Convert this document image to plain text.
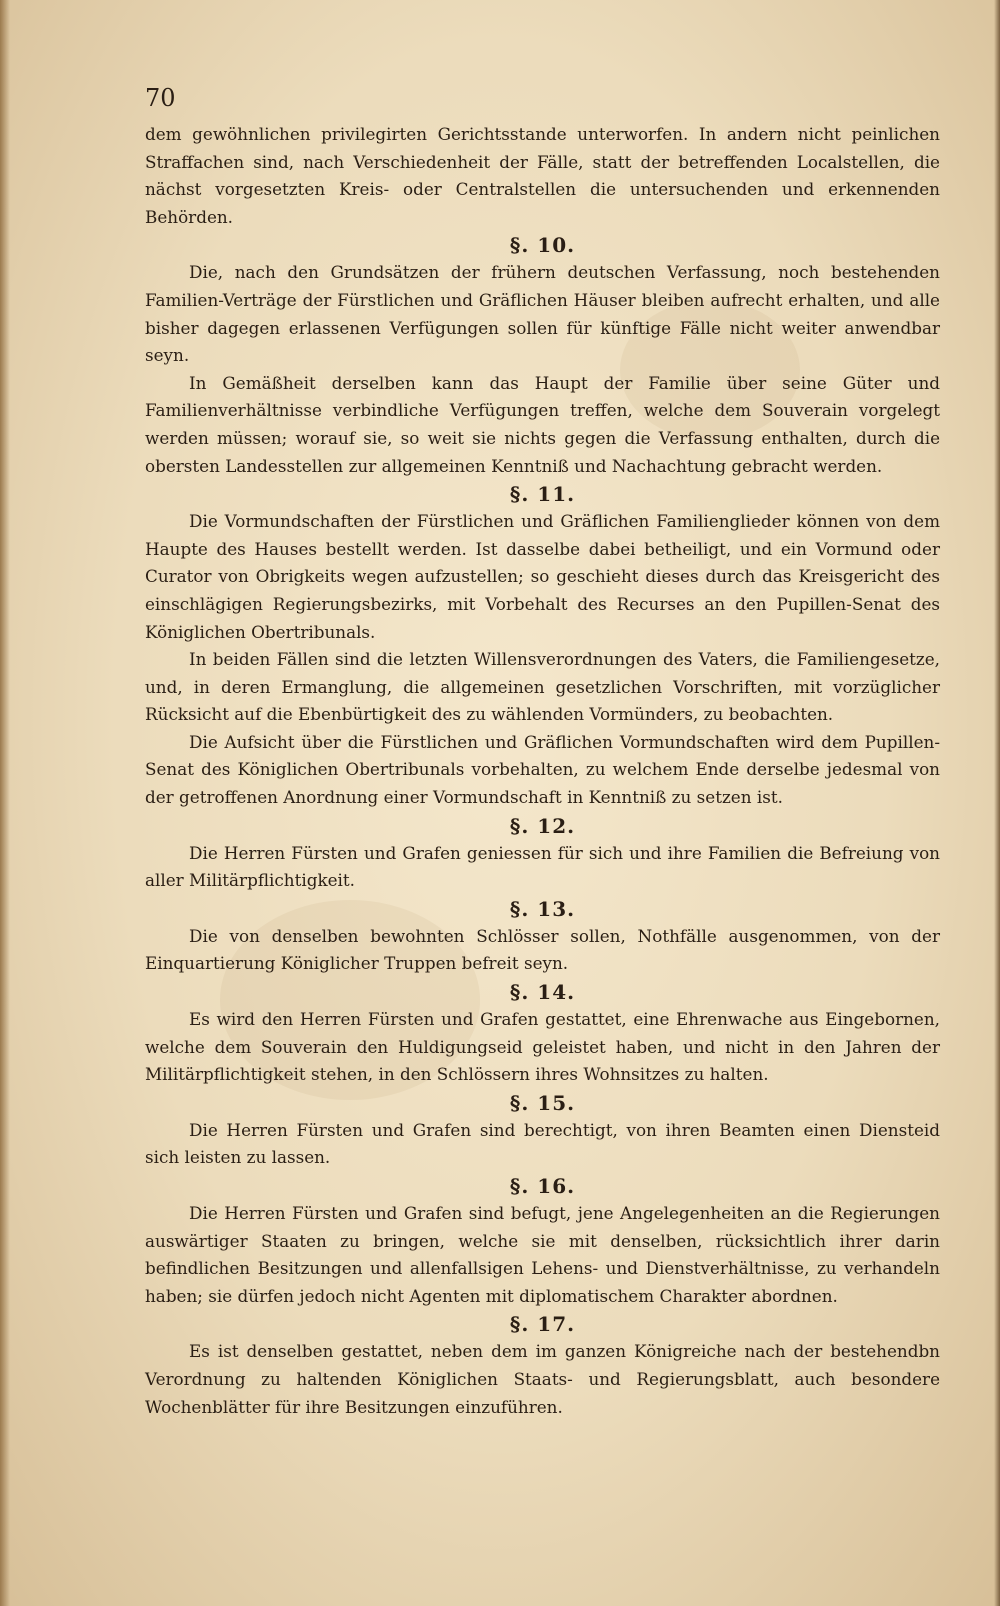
70

dem gewöhnlichen privilegirten Gerichtsstande unterworfen. In andern nicht peinlichen Straffachen sind, nach Verschiedenheit der Fälle, statt der betreffenden Localstellen, die nächst vorgesetzten Kreis- oder Centralstellen die untersuchenden und erkennenden Behörden.

§. 10.

Die, nach den Grundsätzen der frühern deutschen Verfassung, noch bestehenden Familien-Verträge der Fürstlichen und Gräflichen Häuser bleiben aufrecht erhalten, und alle bisher dagegen erlassenen Verfügungen sollen für künftige Fälle nicht weiter anwendbar seyn.

In Gemäßheit derselben kann das Haupt der Familie über seine Güter und Familienverhältnisse verbindliche Verfügungen treffen, welche dem Souverain vorgelegt werden müssen; worauf sie, so weit sie nichts gegen die Verfassung enthalten, durch die obersten Landesstellen zur allgemeinen Kenntniß und Nachachtung gebracht werden.

§. 11.

Die Vormundschaften der Fürstlichen und Gräflichen Familienglieder können von dem Haupte des Hauses bestellt werden. Ist dasselbe dabei betheiligt, und ein Vormund oder Curator von Obrigkeits wegen aufzustellen; so geschieht dieses durch das Kreisgericht des einschlägigen Regierungsbezirks, mit Vorbehalt des Recurses an den Pupillen-Senat des Königlichen Obertribunals.

In beiden Fällen sind die letzten Willensverordnungen des Vaters, die Familiengesetze, und, in deren Ermanglung, die allgemeinen gesetzlichen Vorschriften, mit vorzüglicher Rücksicht auf die Ebenbürtigkeit des zu wählenden Vormünders, zu beobachten.

Die Aufsicht über die Fürstlichen und Gräflichen Vormundschaften wird dem Pupillen-Senat des Königlichen Obertribunals vorbehalten, zu welchem Ende derselbe jedesmal von der getroffenen Anordnung einer Vormundschaft in Kenntniß zu setzen ist.

§. 12.

Die Herren Fürsten und Grafen geniessen für sich und ihre Familien die Befreiung von aller Militärpflichtigkeit.

§. 13.

Die von denselben bewohnten Schlösser sollen, Nothfälle ausgenommen, von der Einquartierung Königlicher Truppen befreit seyn.

§. 14.

Es wird den Herren Fürsten und Grafen gestattet, eine Ehrenwache aus Eingebornen, welche dem Souverain den Huldigungseid geleistet haben, und nicht in den Jahren der Militärpflichtigkeit stehen, in den Schlössern ihres Wohnsitzes zu halten.

§. 15.

Die Herren Fürsten und Grafen sind berechtigt, von ihren Beamten einen Diensteid sich leisten zu lassen.

§. 16.

Die Herren Fürsten und Grafen sind befugt, jene Angelegenheiten an die Regierungen auswärtiger Staaten zu bringen, welche sie mit denselben, rücksichtlich ihrer darin befindlichen Besitzungen und allenfallsigen Lehens- und Dienstverhältnisse, zu verhandeln haben; sie dürfen jedoch nicht Agenten mit diplomatischem Charakter abordnen.

§. 17.

Es ist denselben gestattet, neben dem im ganzen Königreiche nach der bestehendbn Verordnung zu haltenden Königlichen Staats- und Regierungsblatt, auch besondere Wochenblätter für ihre Besitzungen einzuführen.
